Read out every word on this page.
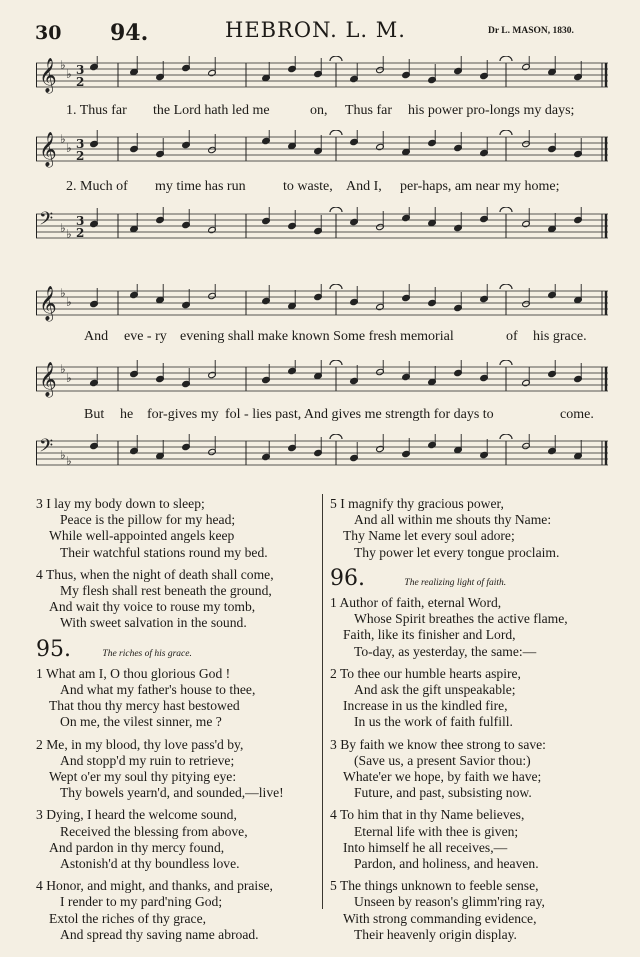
30 94.	HEBRON. L. M.	Dr L. MASON, 1830.
𝄞 ♭
♭ 3
2
1. Thus far the Lord hath led me	on, Thus far his power pro-longs my days;
𝄞 ♭
♭ 3
2
2. Much of my time has run	to waste, And I, per-haps, am near my home;
𝄢 ♭ ♭
3
2
𝄞 ♭
♭
And eve - ry evening shall make known Some fresh memorial	of his grace.
𝄞 ♭
♭
But he for-gives my fol - lies past, And gives me strength for days to	come.
𝄢 ♭ ♭
3 I lay my body down to sleep;
Peace is the pillow for my head;
While well-appointed angels keep
Their watchful stations round my bed.
4 Thus, when the night of death shall come,
My flesh shall rest beneath the ground,
And wait thy voice to rouse my tomb,
With sweet salvation in the sound.
95.	The riches of his grace.
1 What am I, O thou glorious God !
And what my father's house to thee,
That thou thy mercy hast bestowed
On me, the vilest sinner, me ?
2 Me, in my blood, thy love pass'd by,
And stopp'd my ruin to retrieve;
Wept o'er my soul thy pitying eye:
Thy bowels yearn'd, and sounded,—live!
3 Dying, I heard the welcome sound,
Received the blessing from above,
And pardon in thy mercy found,
Astonish'd at thy boundless love.
4 Honor, and might, and thanks, and praise,
I render to my pard'ning God;
Extol the riches of thy grace,
And spread thy saving name abroad.
5 I magnify thy gracious power,
And all within me shouts thy Name:
Thy Name let every soul adore;
Thy power let every tongue proclaim.
96.	The realizing light of faith.
1 Author of faith, eternal Word,
Whose Spirit breathes the active flame,
Faith, like its finisher and Lord,
To-day, as yesterday, the same:—
2 To thee our humble hearts aspire,
And ask the gift unspeakable;
Increase in us the kindled fire,
In us the work of faith fulfill.
3 By faith we know thee strong to save:
(Save us, a present Savior thou:)
Whate'er we hope, by faith we have;
Future, and past, subsisting now.
4 To him that in thy Name believes,
Eternal life with thee is given;
Into himself he all receives,—
Pardon, and holiness, and heaven.
5 The things unknown to feeble sense,
Unseen by reason's glimm'ring ray,
With strong commanding evidence,
Their heavenly origin display.
